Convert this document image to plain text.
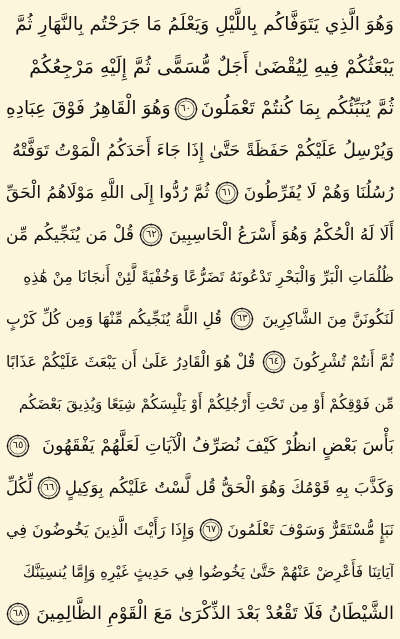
وَهُوَ الَّذِي يَتَوَفَّاكُم بِاللَّيْلِ وَيَعْلَمُ مَا جَرَحْتُم بِالنَّهَارِ ثُمَّ
يَبْعَثُكُمْ فِيهِ لِيُقْضَىٰ أَجَلٌ مُّسَمًّى ثُمَّ إِلَيْهِ مَرْجِعُكُمْ
ثُمَّ يُنَبِّئُكُم بِمَا كُنتُمْ تَعْمَلُونَ
٦٠
وَهُوَ الْقَاهِرُ فَوْقَ عِبَادِهِ
وَيُرْسِلُ عَلَيْكُمْ حَفَظَةً حَتَّىٰ إِذَا جَاءَ أَحَدَكُمُ الْمَوْتُ تَوَفَّتْهُ
رُسُلُنَا وَهُمْ لَا يُفَرِّطُونَ
٦١
ثُمَّ رُدُّوا إِلَى اللَّهِ مَوْلَاهُمُ الْحَقِّ
أَلَا لَهُ الْحُكْمُ وَهُوَ أَسْرَعُ الْحَاسِبِينَ
٦٢
قُلْ مَن يُنَجِّيكُم مِّن
ظُلُمَاتِ الْبَرِّ وَالْبَحْرِ تَدْعُونَهُ تَضَرُّعًا وَخُفْيَةً لَّئِنْ أَنجَانَا مِنْ هَٰذِهِ
لَنَكُونَنَّ مِنَ الشَّاكِرِينَ
٦٣
قُلِ اللَّهُ يُنَجِّيكُم مِّنْهَا وَمِن كُلِّ كَرْبٍ
ثُمَّ أَنتُمْ تُشْرِكُونَ
٦٤
قُلْ هُوَ الْقَادِرُ عَلَىٰ أَن يَبْعَثَ عَلَيْكُمْ عَذَابًا
مِّن فَوْقِكُمْ أَوْ مِن تَحْتِ أَرْجُلِكُمْ أَوْ يَلْبِسَكُمْ شِيَعًا وَيُذِيقَ بَعْضَكُم
بَأْسَ بَعْضٍ انظُرْ كَيْفَ نُصَرِّفُ الْآيَاتِ لَعَلَّهُمْ يَفْقَهُونَ
٦٥
وَكَذَّبَ بِهِ قَوْمُكَ وَهُوَ الْحَقُّ قُل لَّسْتُ عَلَيْكُم بِوَكِيلٍ
٦٦
لِّكُلِّ
نَبَإٍ مُّسْتَقَرٌّ وَسَوْفَ تَعْلَمُونَ
٦٧
وَإِذَا رَأَيْتَ الَّذِينَ يَخُوضُونَ فِي
آيَاتِنَا فَأَعْرِضْ عَنْهُمْ حَتَّىٰ يَخُوضُوا فِي حَدِيثٍ غَيْرِهِ وَإِمَّا يُنسِيَنَّكَ
الشَّيْطَانُ فَلَا تَقْعُدْ بَعْدَ الذِّكْرَىٰ مَعَ الْقَوْمِ الظَّالِمِينَ
٦٨
